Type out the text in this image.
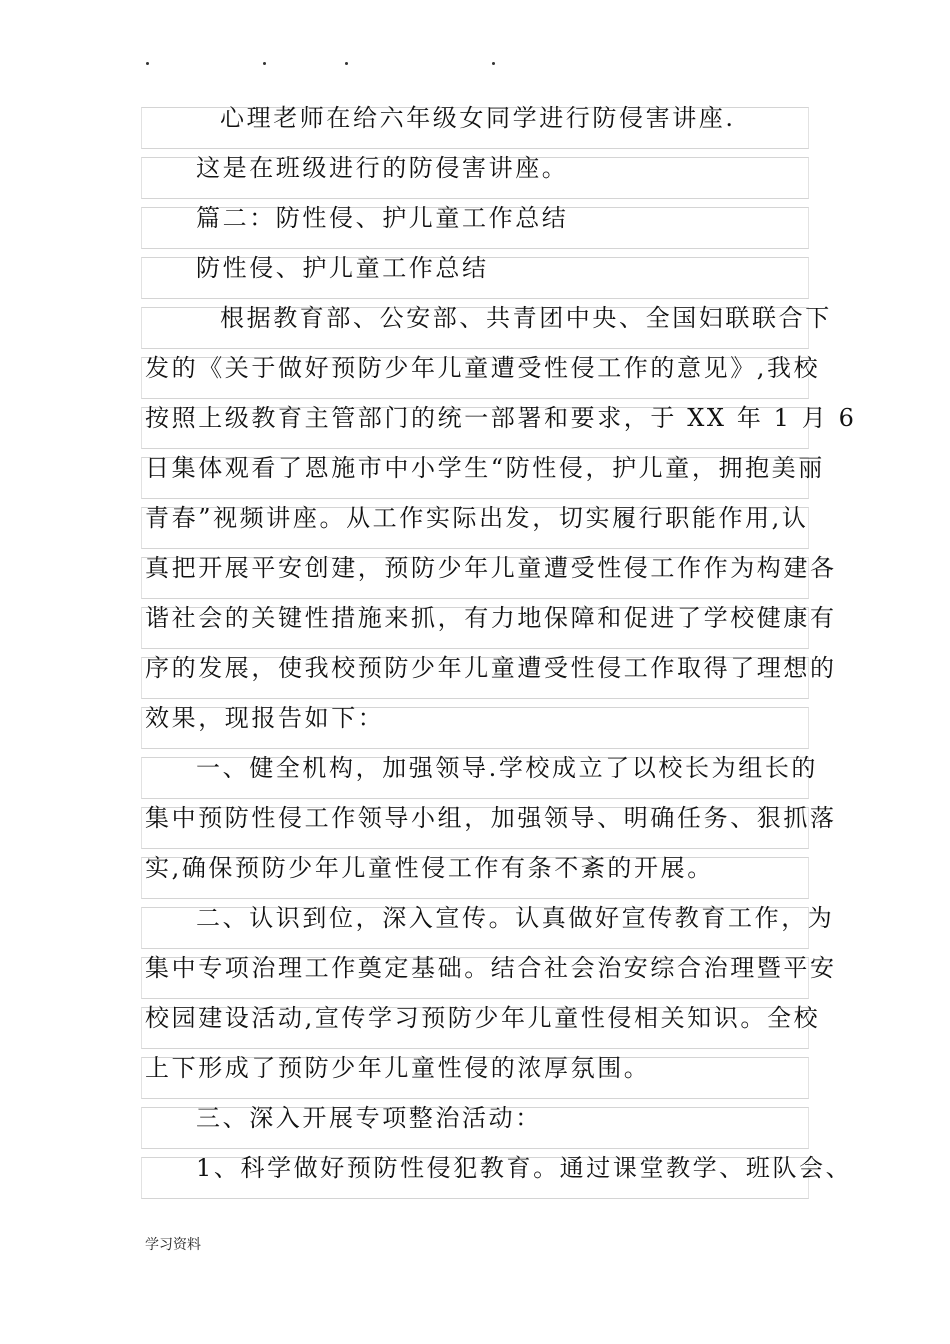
心理老师在给六年级女同学进行防侵害讲座.
这是在班级进行的防侵害讲座。
篇二：防性侵、护儿童工作总结
防性侵、护儿童工作总结
根据教育部、公安部、共青团中央、全国妇联联合下
发的《关于做好预防少年儿童遭受性侵工作的意见》,我校
按照上级教育主管部门的统一部署和要求，于 XX 年 1 月 6
日集体观看了恩施市中小学生“防性侵，护儿童，拥抱美丽
青春”视频讲座。从工作实际出发，切实履行职能作用,认
真把开展平安创建，预防少年儿童遭受性侵工作作为构建各
谐社会的关键性措施来抓，有力地保障和促进了学校健康有
序的发展，使我校预防少年儿童遭受性侵工作取得了理想的
效果，现报告如下：
一、健全机构，加强领导.学校成立了以校长为组长的
集中预防性侵工作领导小组，加强领导、明确任务、狠抓落
实,确保预防少年儿童性侵工作有条不紊的开展。
二、认识到位，深入宣传。认真做好宣传教育工作，为
集中专项治理工作奠定基础。结合社会治安综合治理暨平安
校园建设活动,宣传学习预防少年儿童性侵相关知识。全校
上下形成了预防少年儿童性侵的浓厚氛围。
三、深入开展专项整治活动：
1、科学做好预防性侵犯教育。通过课堂教学、班队会、
学习资料
